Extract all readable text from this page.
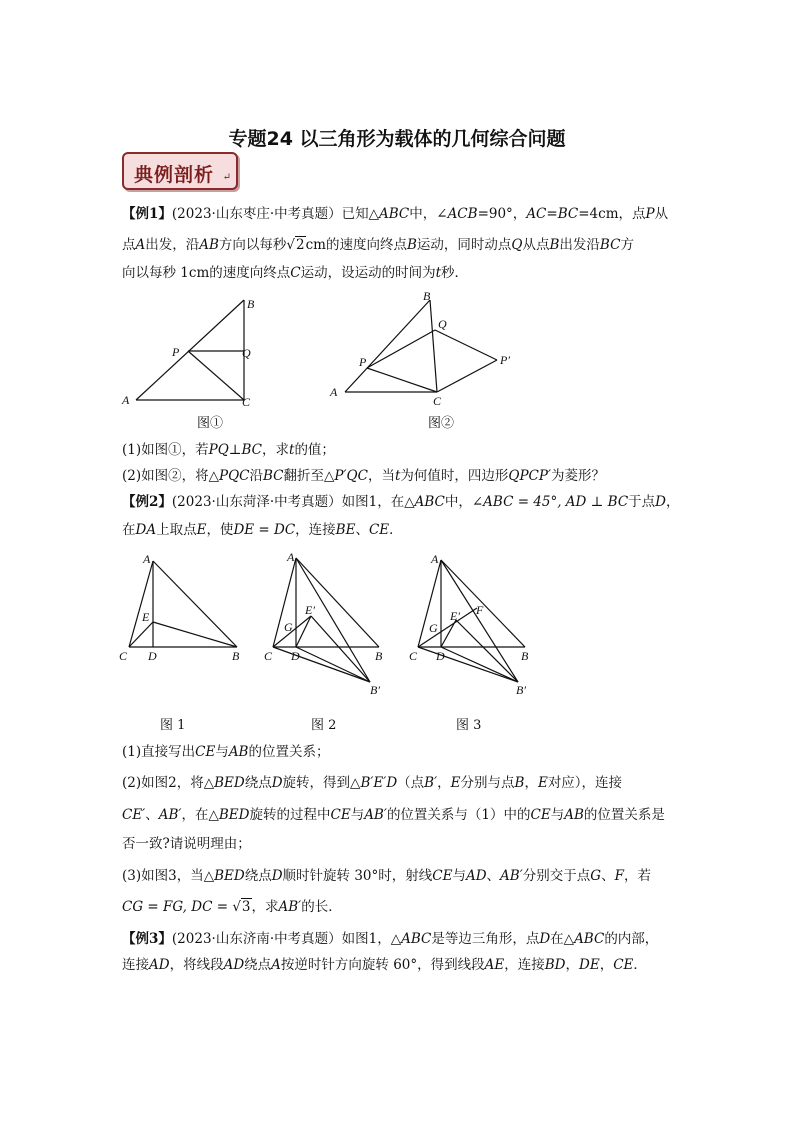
专题24 以三角形为载体的几何综合问题
典例剖析 ↵
【例1】(2023·山东枣庄·中考真题）已知△ABC中，∠ACB=90°，AC=BC=4cm，点P从
点A出发，沿AB方向以每秒√2cm的速度向终点B运动，同时动点Q从点B出发沿BC方
向以每秒 1cm的速度向终点C运动，设运动的时间为t秒．
B
P	Q
A	C
图①
B
Q
P	P′
A
C
图②
(1)如图①，若PQ⊥BC，求t的值；
(2)如图②，将△PQC沿BC翻折至△P′QC，当t为何值时，四边形QPCP′为菱形？
【例2】(2023·山东菏泽·中考真题）如图1，在△ABC中，∠ABC = 45°, AD ⊥ BC于点D，
在DA上取点E，使DE = DC，连接BE、CE．
A
E
C D	B
A
E′
G
C D	B
B′
A
E′ F
G
C D	B
B′
图 1	图 2	图 3
(1)直接写出CE与AB的位置关系；
(2)如图2，将△BED绕点D旋转，得到△B′E′D（点B′，E分别与点B，E对应），连接
CE′、AB′，在△BED旋转的过程中CE与AB′的位置关系与（1）中的CE与AB的位置关系是
否一致?请说明理由；
(3)如图3，当△BED绕点D顺时针旋转 30°时，射线CE与AD、AB′分别交于点G、F，若
CG = FG, DC = √3，求AB′的长．
【例3】(2023·山东济南·中考真题）如图1，△ABC是等边三角形，点D在△ABC的内部，
连接AD，将线段AD绕点A按逆时针方向旋转 60°，得到线段AE，连接BD，DE，CE．
